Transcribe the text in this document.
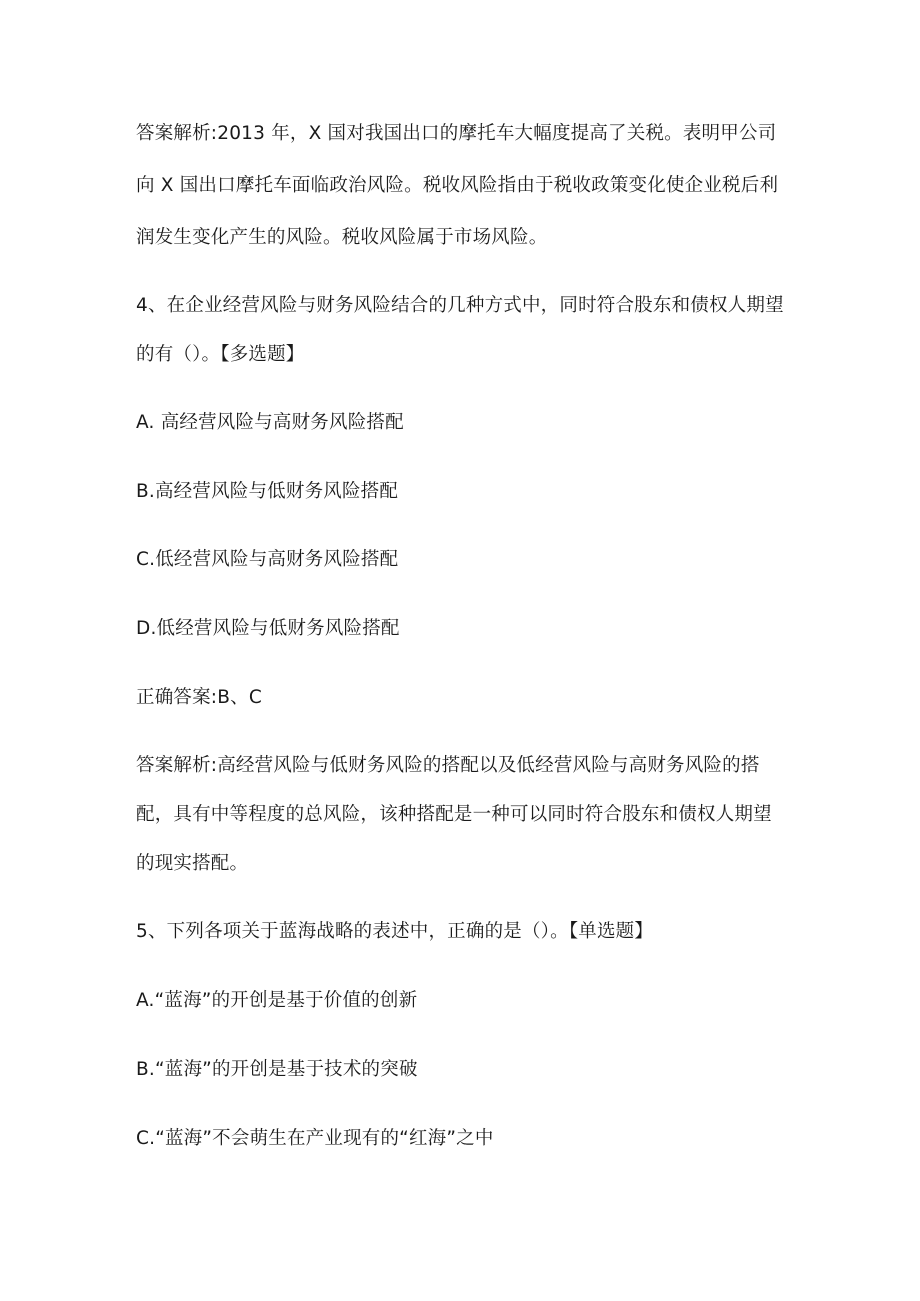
答案解析:2013 年，X 国对我国出口的摩托车大幅度提高了关税。表明甲公司
向 X 国出口摩托车面临政治风险。税收风险指由于税收政策变化使企业税后利
润发生变化产生的风险。税收风险属于市场风险。
4、在企业经营风险与财务风险结合的几种方式中，同时符合股东和债权人期望
的有（）。【多选题】
A. 高经营风险与高财务风险搭配
B.高经营风险与低财务风险搭配
C.低经营风险与高财务风险搭配
D.低经营风险与低财务风险搭配
正确答案:B、C
答案解析:高经营风险与低财务风险的搭配以及低经营风险与高财务风险的搭
配，具有中等程度的总风险，该种搭配是一种可以同时符合股东和债权人期望
的现实搭配。
5、下列各项关于蓝海战略的表述中，正确的是（）。【单选题】
A.“蓝海”的开创是基于价值的创新
B.“蓝海”的开创是基于技术的突破
C.“蓝海”不会萌生在产业现有的“红海”之中
